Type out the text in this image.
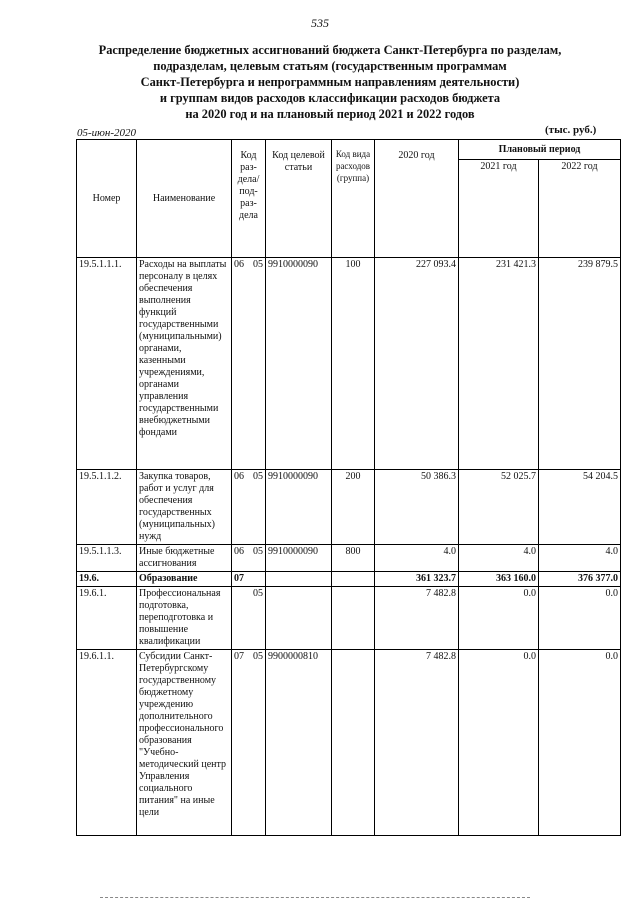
535
Распределение бюджетных ассигнований бюджета Санкт-Петербурга по разделам,
подразделам, целевым статьям (государственным программам
Санкт-Петербурга и непрограммным направлениям деятельности)
и группам видов расходов классификации расходов бюджета
на 2020 год и на плановый период 2021 и 2022 годов
05-июн-2020	(тыс. руб.)
Номер	Наименование	Код раз-дела/ под-раз-дела		Код целевой статьи	Код вида расходов (группа)	2020 год	Плановый период	
							2021 год	2022 год
19.5.1.1.1.	Расходы на выплаты персоналу в целях обеспечения выполнения функций государственными (муниципальными) органами, казенными учреждениями, органами управления государственными внебюджетными фондами	06	05	9910000090	100	227 093.4	231 421.3	239 879.5
19.5.1.1.2.	Закупка товаров, работ и услуг для обеспечения государственных (муниципальных) нужд	06	05	9910000090	200	50 386.3	52 025.7	54 204.5
19.5.1.1.3.	Иные бюджетные ассигнования	06	05	9910000090	800	4.0	4.0	4.0
19.6.	Образование	07				361 323.7	363 160.0	376 377.0
19.6.1.	Профессиональная подготовка, переподготовка и повышение квалификации		05			7 482.8	0.0	0.0
19.6.1.1.	Субсидии Санкт-Петербургскому государственному бюджетному учреждению дополнительного профессионального образования "Учебно-методический центр Управления социального питания" на иные цели	07	05	9900000810		7 482.8	0.0	0.0
